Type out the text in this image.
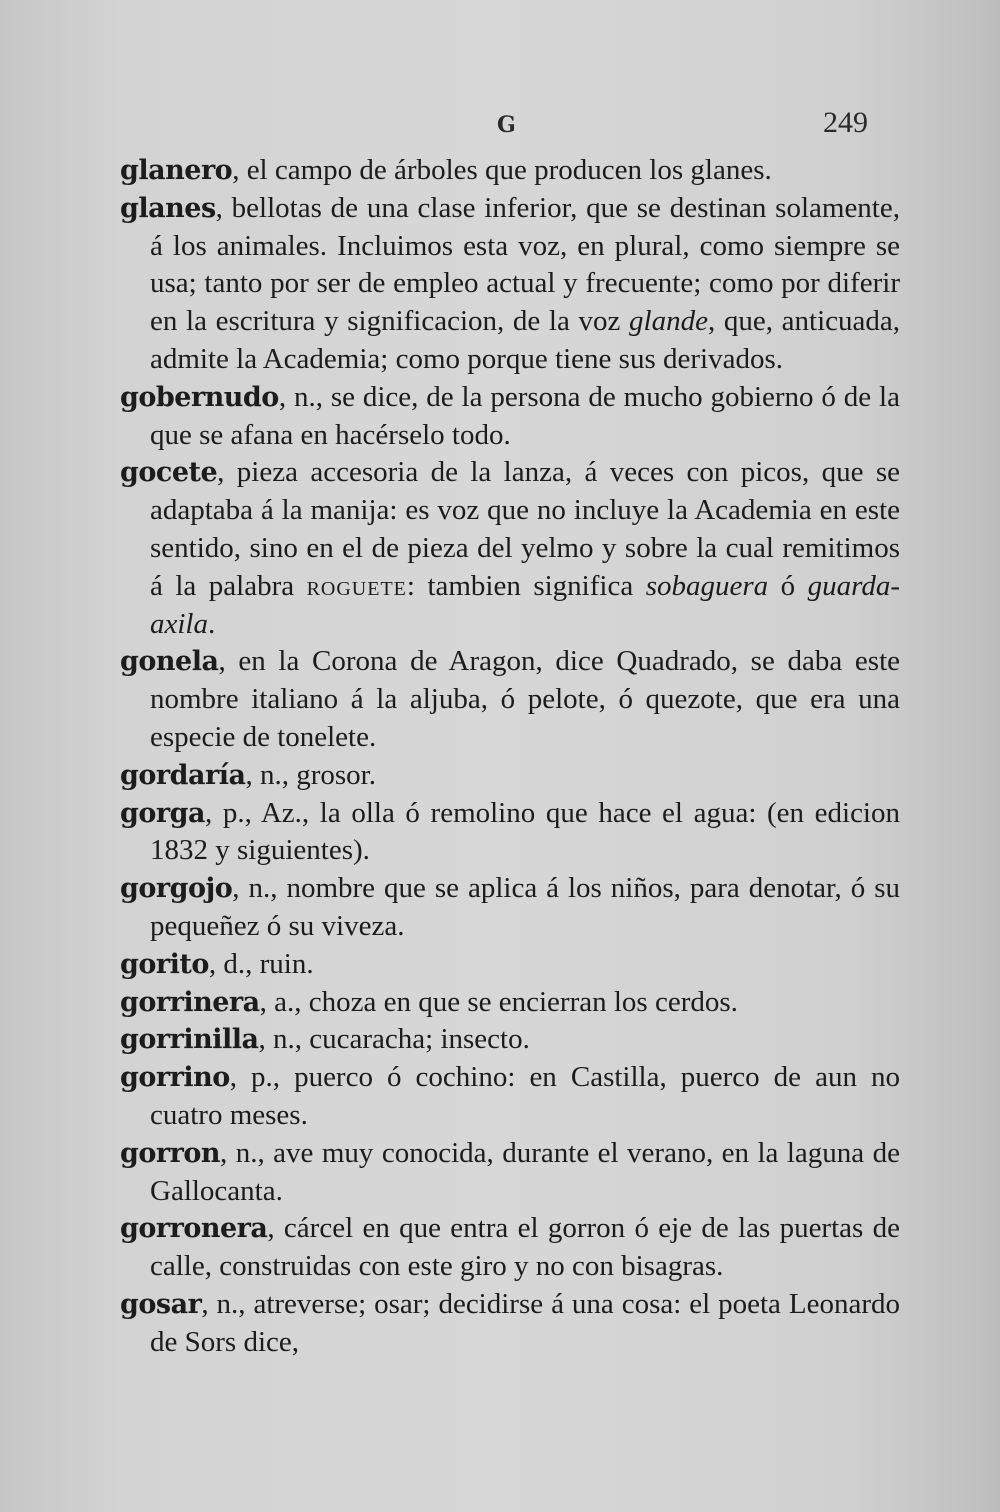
G	249

glanero, el campo de árboles que producen los glanes.

glanes, bellotas de una clase inferior, que se destinan solamente, á los animales. Incluimos esta voz, en plural, como siempre se usa; tanto por ser de empleo actual y frecuente; como por diferir en la escritura y significacion, de la voz glande, que, anticuada, admite la Academia; como porque tiene sus derivados.

gobernudo, n., se dice, de la persona de mucho gobierno ó de la que se afana en hacérselo todo.

gocete, pieza accesoria de la lanza, á veces con picos, que se adaptaba á la manija: es voz que no incluye la Academia en este sentido, sino en el de pieza del yelmo y sobre la cual remitimos á la palabra roguete: tambien significa sobaguera ó guarda-axila.

gonela, en la Corona de Aragon, dice Quadrado, se daba este nombre italiano á la aljuba, ó pelote, ó quezote, que era una especie de tonelete.

gordaría, n., grosor.

gorga, p., Az., la olla ó remolino que hace el agua: (en edicion 1832 y siguientes).

gorgojo, n., nombre que se aplica á los niños, para denotar, ó su pequeñez ó su viveza.

gorito, d., ruin.

gorrinera, a., choza en que se encierran los cerdos.

gorrinilla, n., cucaracha; insecto.

gorrino, p., puerco ó cochino: en Castilla, puerco de aun no cuatro meses.

gorron, n., ave muy conocida, durante el verano, en la laguna de Gallocanta.

gorronera, cárcel en que entra el gorron ó eje de las puertas de calle, construidas con este giro y no con bisagras.

gosar, n., atreverse; osar; decidirse á una cosa: el poeta Leonardo de Sors dice,
